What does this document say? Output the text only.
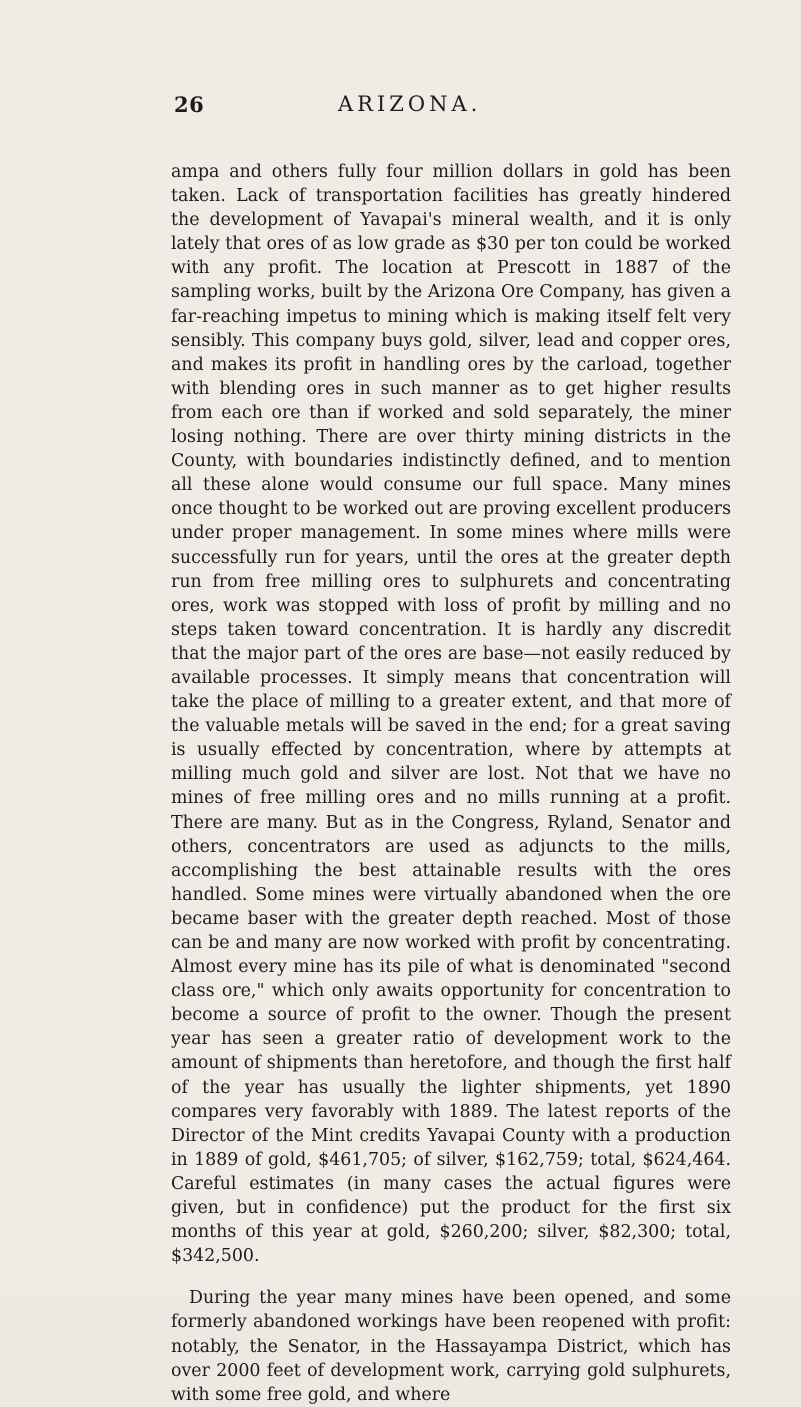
26	ARIZONA.

ampa and others fully four million dollars in gold has been taken. Lack of transportation facilities has greatly hindered the development of Yavapai's mineral wealth, and it is only lately that ores of as low grade as $30 per ton could be worked with any profit. The location at Prescott in 1887 of the sampling works, built by the Arizona Ore Company, has given a far-reaching impetus to mining which is making itself felt very sensibly. This company buys gold, silver, lead and copper ores, and makes its profit in handling ores by the carload, together with blending ores in such manner as to get higher results from each ore than if worked and sold separately, the miner losing nothing. There are over thirty mining districts in the County, with boundaries indistinctly defined, and to mention all these alone would consume our full space. Many mines once thought to be worked out are proving excellent producers under proper management. In some mines where mills were successfully run for years, until the ores at the greater depth run from free milling ores to sulphurets and concentrating ores, work was stopped with loss of profit by milling and no steps taken toward concentration. It is hardly any discredit that the major part of the ores are base—not easily reduced by available processes. It simply means that concentration will take the place of milling to a greater extent, and that more of the valuable metals will be saved in the end; for a great saving is usually effected by concentration, where by attempts at milling much gold and silver are lost. Not that we have no mines of free milling ores and no mills running at a profit. There are many. But as in the Congress, Ryland, Senator and others, concentrators are used as adjuncts to the mills, accomplishing the best attainable results with the ores handled. Some mines were virtually abandoned when the ore became baser with the greater depth reached. Most of those can be and many are now worked with profit by concentrating. Almost every mine has its pile of what is denominated "second class ore," which only awaits opportunity for concentration to become a source of profit to the owner. Though the present year has seen a greater ratio of development work to the amount of shipments than heretofore, and though the first half of the year has usually the lighter shipments, yet 1890 compares very favorably with 1889. The latest reports of the Director of the Mint credits Yavapai County with a production in 1889 of gold, $461,705; of silver, $162,759; total, $624,464. Careful estimates (in many cases the actual figures were given, but in confidence) put the product for the first six months of this year at gold, $260,200; silver, $82,300; total, $342,500.

During the year many mines have been opened, and some formerly abandoned workings have been reopened with profit: notably, the Senator, in the Hassayampa District, which has over 2000 feet of development work, carrying gold sulphurets, with some free gold, and where
